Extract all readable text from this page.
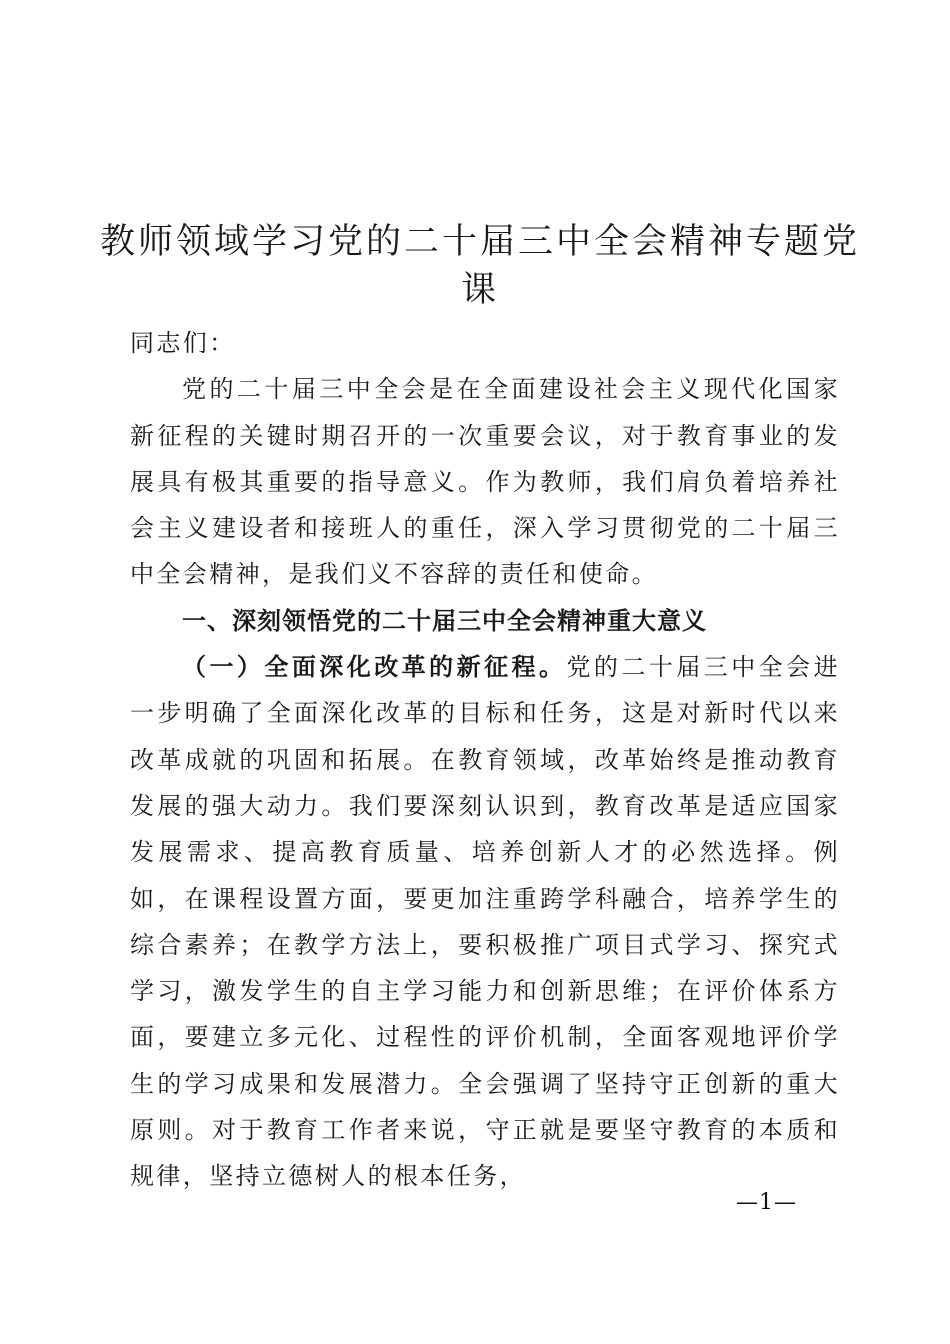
教师领域学习党的二十届三中全会精神专题党课

同志们：

党的二十届三中全会是在全面建设社会主义现代化国家新征程的关键时期召开的一次重要会议，对于教育事业的发展具有极其重要的指导意义。作为教师，我们肩负着培养社会主义建设者和接班人的重任，深入学习贯彻党的二十届三中全会精神，是我们义不容辞的责任和使命。

一、深刻领悟党的二十届三中全会精神重大意义

（一）全面深化改革的新征程。党的二十届三中全会进一步明确了全面深化改革的目标和任务，这是对新时代以来改革成就的巩固和拓展。在教育领域，改革始终是推动教育发展的强大动力。我们要深刻认识到，教育改革是适应国家发展需求、提高教育质量、培养创新人才的必然选择。例如，在课程设置方面，要更加注重跨学科融合，培养学生的综合素养；在教学方法上，要积极推广项目式学习、探究式学习，激发学生的自主学习能力和创新思维；在评价体系方面，要建立多元化、过程性的评价机制，全面客观地评价学生的学习成果和发展潜力。全会强调了坚持守正创新的重大原则。对于教育工作者来说，守正就是要坚守教育的本质和规律，坚持立德树人的根本任务，

—1—
